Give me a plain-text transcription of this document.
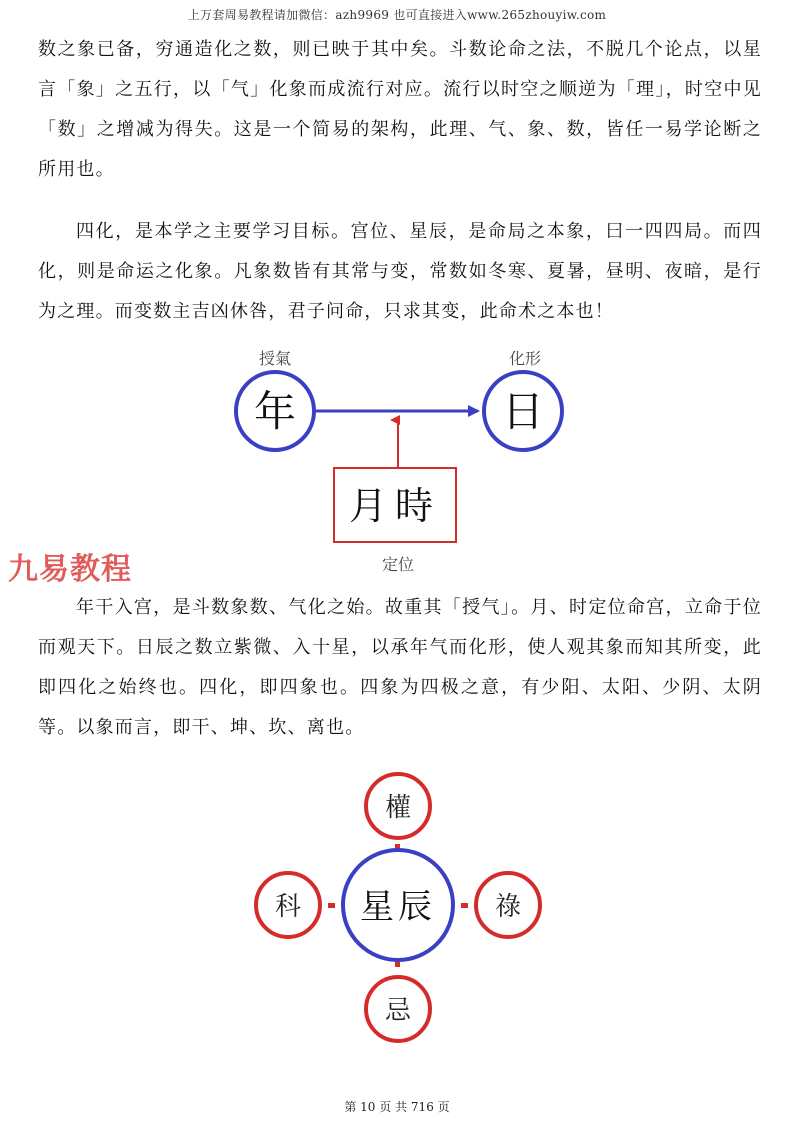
上万套周易教程请加微信：azh9969 也可直接进入www.265zhouyiw.com

数之象已备，穷通造化之数，则已映于其中矣。斗数论命之法，不脱几个论点，以星言「象」之五行，以「气」化象而成流行对应。流行以时空之顺逆为「理」，时空中见「数」之增减为得失。这是一个简易的架构，此理、气、象、数，皆任一易学论断之所用也。

四化，是本学之主要学习目标。宫位、星辰，是命局之本象，曰一四四局。而四化，则是命运之化象。凡象数皆有其常与变，常数如冬寒、夏暑，昼明、夜暗，是行为之理。而变数主吉凶休咎，君子问命，只求其变，此命术之本也！

授氣	化形
年	日
月時
定位
九易教程

年干入宫，是斗数象数、气化之始。故重其「授气」。月、时定位命宫，立命于位而观天下。日辰之数立紫微、入十星，以承年气而化形，使人观其象而知其所变，此即四化之始终也。四化，即四象也。四象为四极之意，有少阳、太阳、少阴、太阴等。以象而言，即干、坤、坎、离也。

權
科	祿
忌
星辰
第 10 页 共 716 页
